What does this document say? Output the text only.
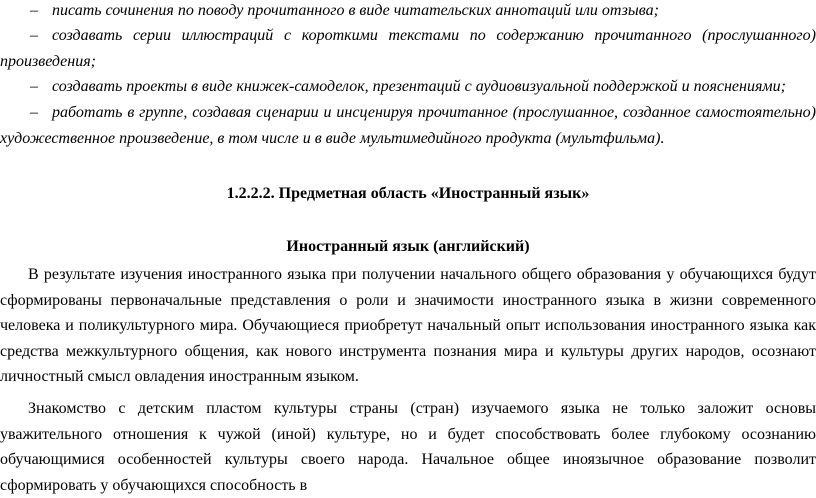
– писать сочинения по поводу прочитанного в виде читательских аннотаций или отзыва;

– создавать серии иллюстраций с короткими текстами по содержанию прочитанного (прослушанного) произведения;

– создавать проекты в виде книжек-самоделок, презентаций с аудиовизуальной поддержкой и пояснениями;

– работать в группе, создавая сценарии и инсценируя прочитанное (прослушанное, созданное самостоятельно) художественное произведение, в том числе и в виде мультимедийного продукта (мультфильма).

1.2.2.2. Предметная область «Иностранный язык»
Иностранный язык (английский)

В результате изучения иностранного языка при получении начального общего образования у обучающихся будут сформированы первоначальные представления о роли и значимости иностранного языка в жизни современного человека и поликультурного мира. Обучающиеся приобретут начальный опыт использования иностранного языка как средства межкультурного общения, как нового инструмента познания мира и культуры других народов, осознают личностный смысл овладения иностранным языком.

Знакомство с детским пластом культуры страны (стран) изучаемого языка не только заложит основы уважительного отношения к чужой (иной) культуре, но и будет способствовать более глубокому осознанию обучающимися особенностей культуры своего народа. Начальное общее иноязычное образование позволит сформировать у обучающихся способность в
